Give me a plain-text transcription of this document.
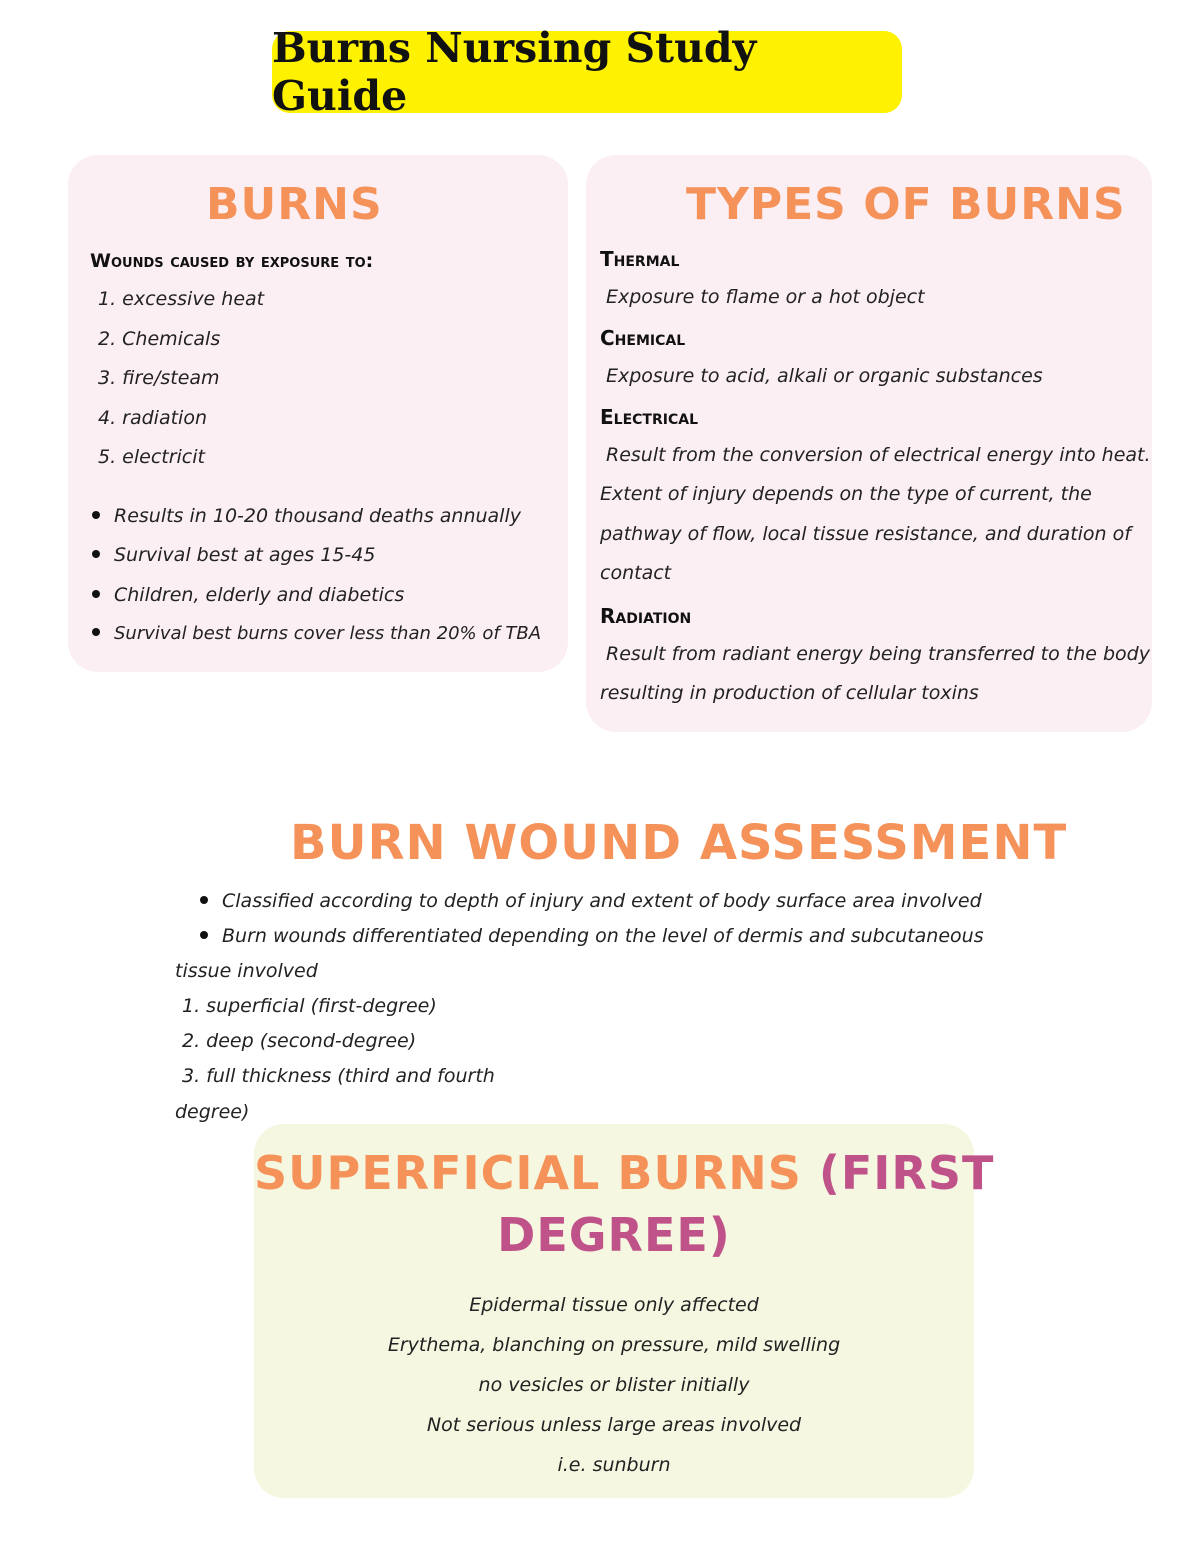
Burns Nursing Study Guide
BURNS
Wounds caused by exposure to:
1. excessive heat
2. Chemicals
3. fire/steam
4. radiation
5. electricit
Results in 10-20 thousand deaths annually
Survival best at ages 15-45
Children, elderly and diabetics
Survival best burns cover less than 20% of TBA
TYPES OF BURNS
Thermal
Exposure to flame or a hot object
Chemical
Exposure to acid, alkali or organic substances
Electrical
Result from the conversion of electrical energy into heat.
Extent of injury depends on the type of current, the
pathway of flow, local tissue resistance, and duration of
contact
Radiation
Result from radiant energy being transferred to the body
resulting in production of cellular toxins
BURN WOUND ASSESSMENT
Classified according to depth of injury and extent of body surface area involved
Burn wounds differentiated depending on the level of dermis and subcutaneous
tissue involved
1. superficial (first-degree)
2. deep (second-degree)
3. full thickness (third and fourth
degree)
SUPERFICIAL BURNS (FIRST
DEGREE)
Epidermal tissue only affected
Erythema, blanching on pressure, mild swelling
no vesicles or blister initially
Not serious unless large areas involved
i.e. sunburn
